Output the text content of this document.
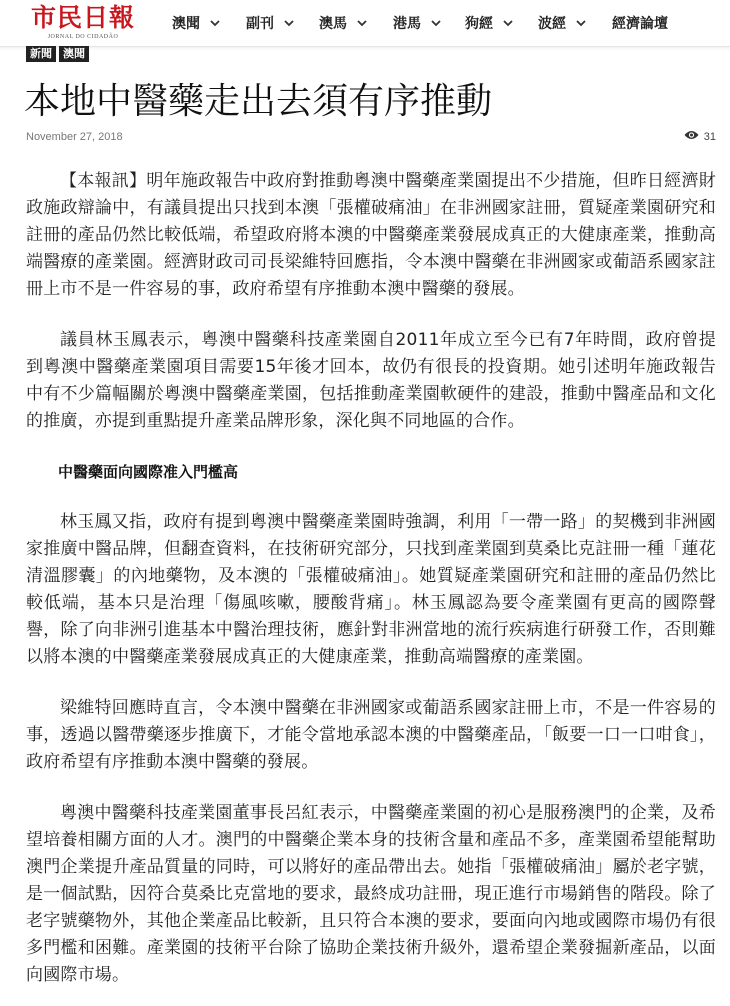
市民日報
JORNAL DO CIDADÃO
澳聞	副刊	澳馬	港馬	狗經	波經	經濟論壇
新聞	澳聞
本地中醫藥走出去須有序推動
November 27, 2018	31

【本報訊】明年施政報告中政府對推動粵澳中醫藥產業園提出不少措施，但昨日經濟財政施政辯論中，有議員提出只找到本澳「張權破痛油」在非洲國家註冊，質疑產業園研究和註冊的產品仍然比較低端，希望政府將本澳的中醫藥產業發展成真正的大健康產業，推動高端醫療的產業園。經濟財政司司長梁維特回應指，令本澳中醫藥在非洲國家或葡語系國家註冊上市不是一件容易的事，政府希望有序推動本澳中醫藥的發展。

議員林玉鳳表示，粵澳中醫藥科技產業園自2011年成立至今已有7年時間，政府曾提到粵澳中醫藥產業園項目需要15年後才回本，故仍有很長的投資期。她引述明年施政報告中有不少篇幅關於粵澳中醫藥產業園，包括推動產業園軟硬件的建設，推動中醫產品和文化的推廣，亦提到重點提升產業品牌形象，深化與不同地區的合作。

中醫藥面向國際准入門檻高

林玉鳳又指，政府有提到粵澳中醫藥產業園時強調，利用「一帶一路」的契機到非洲國家推廣中醫品牌，但翻查資料，在技術研究部分，只找到產業園到莫桑比克註冊一種「蓮花清溫膠囊」的內地藥物，及本澳的「張權破痛油」。她質疑產業園研究和註冊的產品仍然比較低端，基本只是治理「傷風咳嗽，腰酸背痛」。林玉鳳認為要令產業園有更高的國際聲譽，除了向非洲引進基本中醫治理技術，應針對非洲當地的流行疾病進行研發工作，否則難以將本澳的中醫藥產業發展成真正的大健康產業，推動高端醫療的產業園。

梁維特回應時直言，令本澳中醫藥在非洲國家或葡語系國家註冊上市，不是一件容易的事，透過以醫帶藥逐步推廣下，才能令當地承認本澳的中醫藥產品，「飯要一口一口咁食」，政府希望有序推動本澳中醫藥的發展。

粵澳中醫藥科技產業園董事長呂紅表示，中醫藥產業園的初心是服務澳門的企業，及希望培養相關方面的人才。澳門的中醫藥企業本身的技術含量和產品不多，產業園希望能幫助澳門企業提升產品質量的同時，可以將好的產品帶出去。她指「張權破痛油」屬於老字號，是一個試點，因符合莫桑比克當地的要求，最終成功註冊，現正進行市場銷售的階段。除了老字號藥物外，其他企業產品比較新，且只符合本澳的要求，要面向內地或國際市場仍有很多門檻和困難。產業園的技術平台除了協助企業技術升級外，還希望企業發掘新產品，以面向國際市場。
